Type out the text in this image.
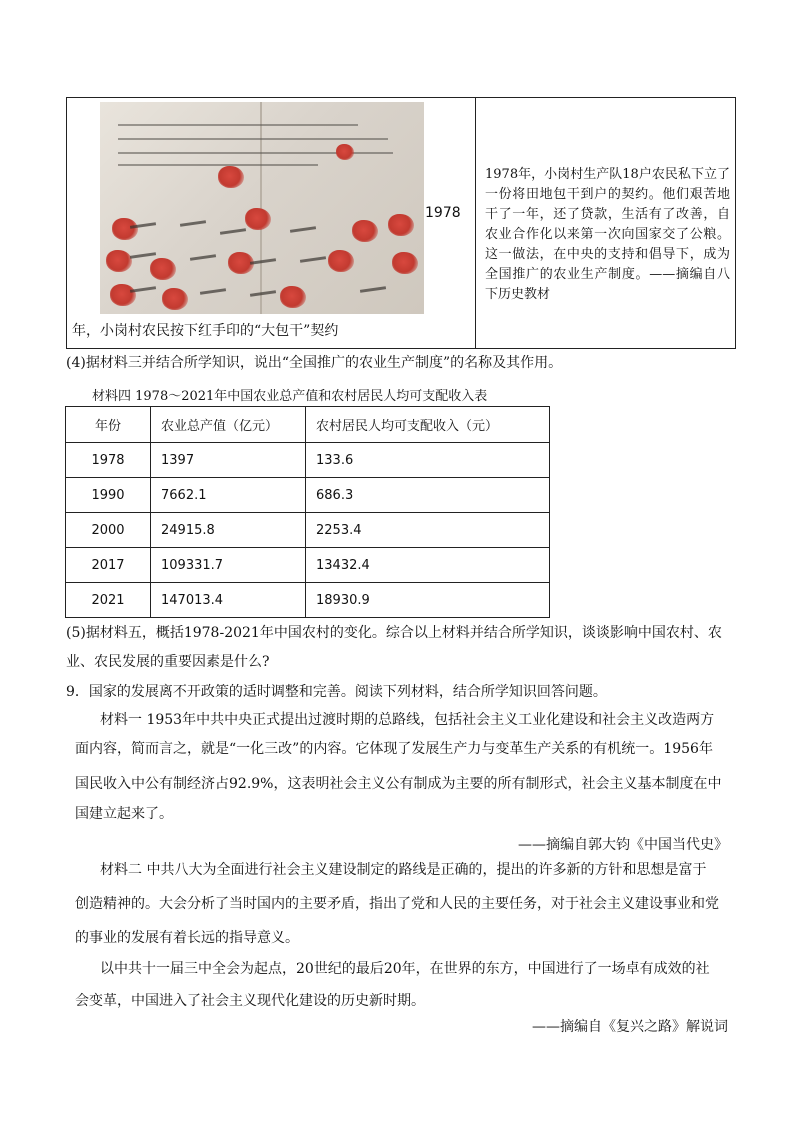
1978
年，小岗村农民按下红手印的“大包干”契约
1978年，小岗村生产队18户农民私下立了一份将田地包干到户的契约。他们艰苦地干了一年，还了贷款，生活有了改善，自农业合作化以来第一次向国家交了公粮。这一做法，在中央的支持和倡导下，成为全国推广的农业生产制度。——摘编自八下历史教材
(4)据材料三并结合所学知识，说出“全国推广的农业生产制度”的名称及其作用。
材料四 1978～2021年中国农业总产值和农村居民人均可支配收入表
年份	农业总产值（亿元）	农村居民人均可支配收入（元）
1978	1397	133.6
1990	7662.1	686.3
2000	24915.8	2253.4
2017	109331.7	13432.4
2021	147013.4	18930.9
(5)据材料五，概括1978-2021年中国农村的变化。综合以上材料并结合所学知识，谈谈影响中国农村、农
业、农民发展的重要因素是什么?
9．国家的发展离不开政策的适时调整和完善。阅读下列材料，结合所学知识回答问题。
材料一 1953年中共中央正式提出过渡时期的总路线，包括社会主义工业化建设和社会主义改造两方
面内容，简而言之，就是“一化三改”的内容。它体现了发展生产力与变革生产关系的有机统一。1956年
国民收入中公有制经济占92.9%，这表明社会主义公有制成为主要的所有制形式，社会主义基本制度在中
国建立起来了。
——摘编自郭大钧《中国当代史》
材料二 中共八大为全面进行社会主义建设制定的路线是正确的，提出的许多新的方针和思想是富于
创造精神的。大会分析了当时国内的主要矛盾，指出了党和人民的主要任务，对于社会主义建设事业和党
的事业的发展有着长远的指导意义。
以中共十一届三中全会为起点，20世纪的最后20年，在世界的东方，中国进行了一场卓有成效的社
会变革，中国进入了社会主义现代化建设的历史新时期。
——摘编自《复兴之路》解说词
